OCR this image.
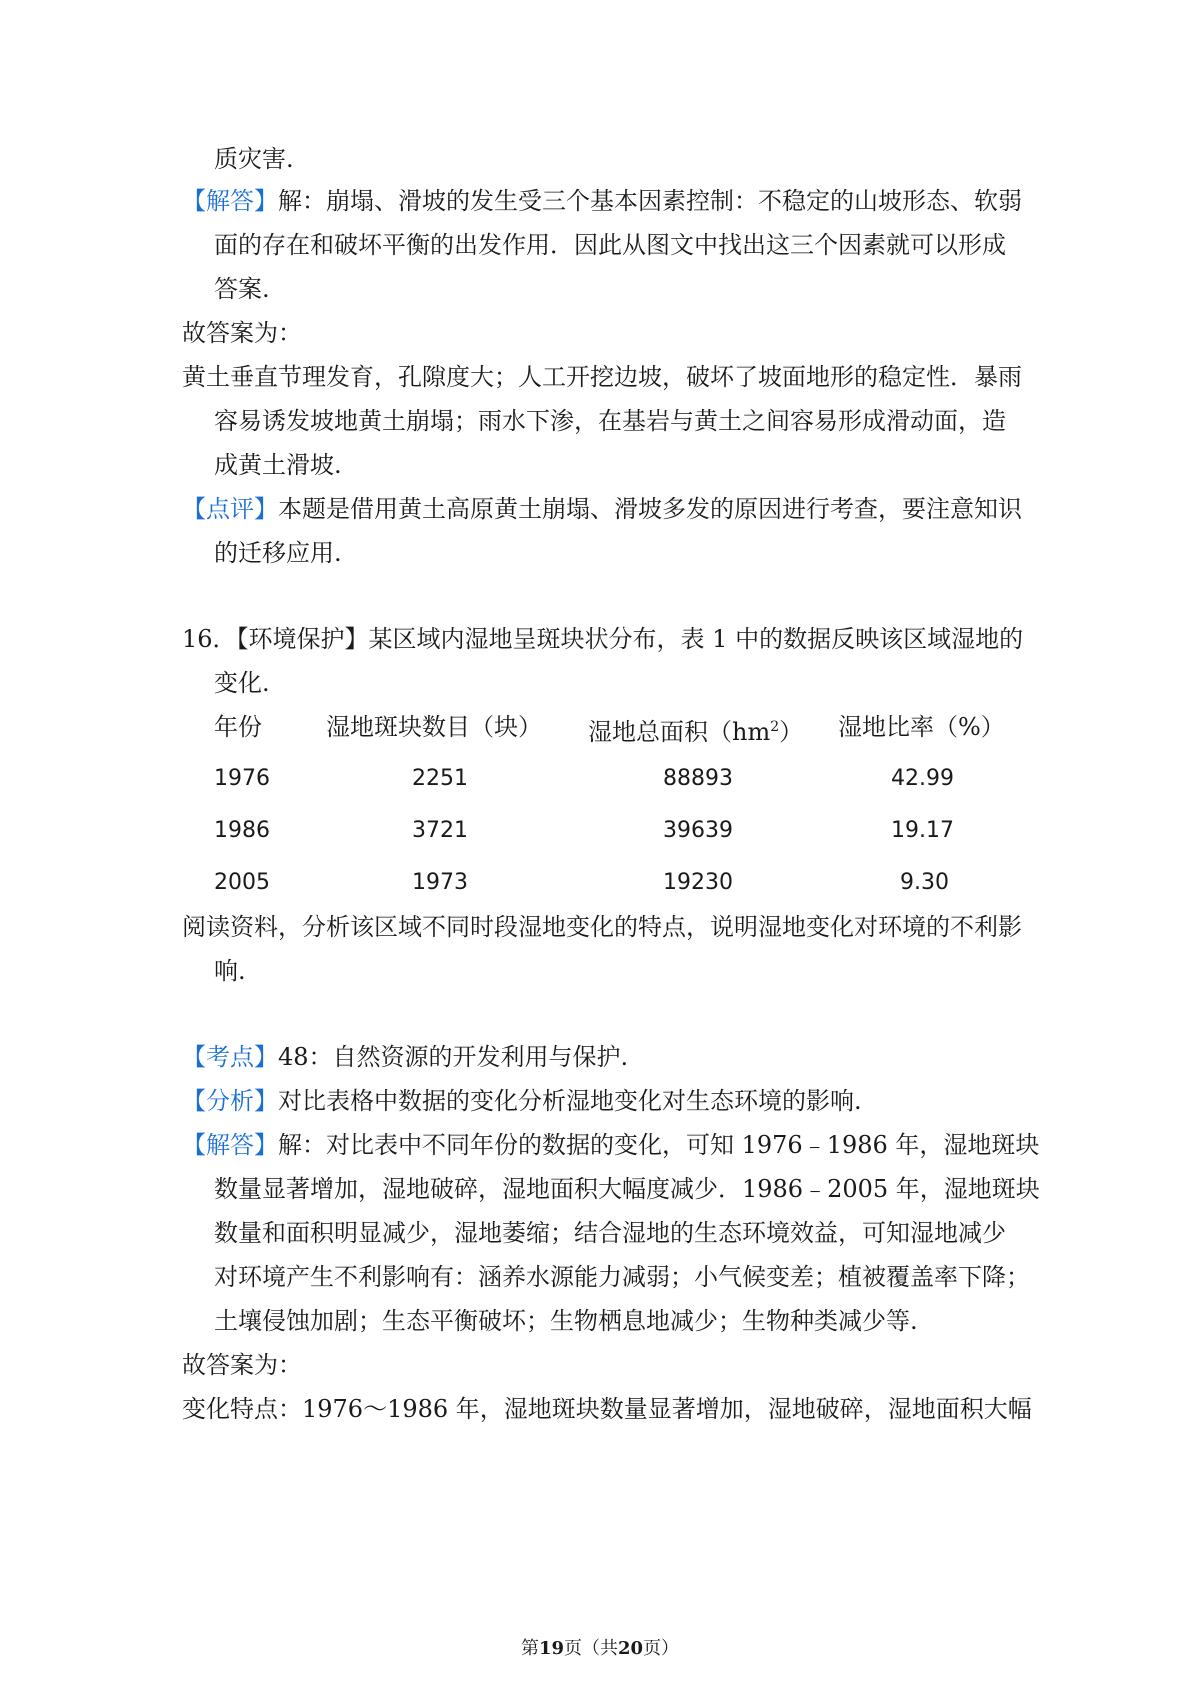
质灾害.
【解答】解：崩塌、滑坡的发生受三个基本因素控制：不稳定的山坡形态、软弱
面的存在和破坏平衡的出发作用．因此从图文中找出这三个因素就可以形成
答案.
故答案为：
黄土垂直节理发育，孔隙度大；人工开挖边坡，破坏了坡面地形的稳定性．暴雨
容易诱发坡地黄土崩塌；雨水下渗，在基岩与黄土之间容易形成滑动面，造
成黄土滑坡.
【点评】本题是借用黄土高原黄土崩塌、滑坡多发的原因进行考查，要注意知识
的迁移应用.
16．【环境保护】某区域内湿地呈斑块状分布，表 1 中的数据反映该区域湿地的
变化.
年份	湿地斑块数目（块） 湿地总面积$(hm^2)$ 湿地比率（%）
1976	2251	88893	42.99
1986	3721	39639	19.17
2005	1973	19230	9.30
阅读资料，分析该区域不同时段湿地变化的特点，说明湿地变化对环境的不利影
响.
【考点】48：自然资源的开发利用与保护.
【分析】对比表格中数据的变化分析湿地变化对生态环境的影响.
【解答】解：对比表中不同年份的数据的变化，可知 1976﹣1986 年，湿地斑块
数量显著增加，湿地破碎，湿地面积大幅度减少．1986﹣2005 年，湿地斑块
数量和面积明显减少，湿地萎缩；结合湿地的生态环境效益，可知湿地减少
对环境产生不利影响有：涵养水源能力减弱；小气候变差；植被覆盖率下降；
土壤侵蚀加剧；生态平衡破坏；生物栖息地减少；生物种类减少等.
故答案为：
变化特点：1976～1986 年，湿地斑块数量显著增加，湿地破碎，湿地面积大幅
第19页（共20页）
